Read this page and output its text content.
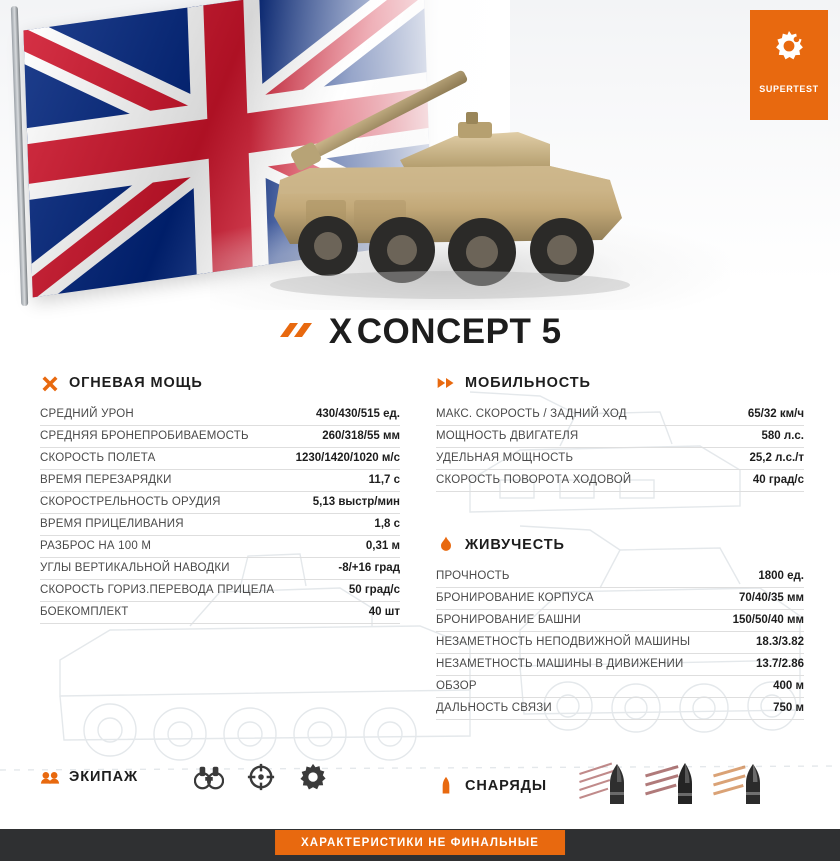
SUPERTEST
X CONCEPT 5
ОГНЕВАЯ МОЩЬ
СРЕДНИЙ УРОН	430/430/515 ед.
СРЕДНЯЯ БРОНЕПРОБИВАЕМОСТЬ	260/318/55 мм
СКОРОСТЬ ПОЛЕТА	1230/1420/1020 м/с
ВРЕМЯ ПЕРЕЗАРЯДКИ	11,7 с
СКОРОСТРЕЛЬНОСТЬ ОРУДИЯ	5,13 выстр/мин
ВРЕМЯ ПРИЦЕЛИВАНИЯ	1,8 с
РАЗБРОС НА 100 М	0,31 м
УГЛЫ ВЕРТИКАЛЬНОЙ НАВОДКИ	-8/+16 град
СКОРОСТЬ ГОРИЗ.ПЕРЕВОДА ПРИЦЕЛА	50 град/с
БОЕКОМПЛЕКТ	40 шт
МОБИЛЬНОСТЬ
МАКС. СКОРОСТЬ / ЗАДНИЙ ХОД	65/32 км/ч
МОЩНОСТЬ ДВИГАТЕЛЯ	580 л.с.
УДЕЛЬНАЯ МОЩНОСТЬ	25,2 л.с./т
СКОРОСТЬ ПОВОРОТА ХОДОВОЙ	40 град/с
ЖИВУЧЕСТЬ
ПРОЧНОСТЬ	1800 ед.
БРОНИРОВАНИЕ КОРПУСА	70/40/35 мм
БРОНИРОВАНИЕ БАШНИ	150/50/40 мм
НЕЗАМЕТНОСТЬ НЕПОДВИЖНОЙ МАШИНЫ	18.3/3.82
НЕЗАМЕТНОСТЬ МАШИНЫ В ДИВИЖЕНИИ	13.7/2.86
ОБЗОР	400 м
ДАЛЬНОСТЬ СВЯЗИ	750 м
ЭКИПАЖ
СНАРЯДЫ
ХАРАКТЕРИСТИКИ НЕ ФИНАЛЬНЫЕ
